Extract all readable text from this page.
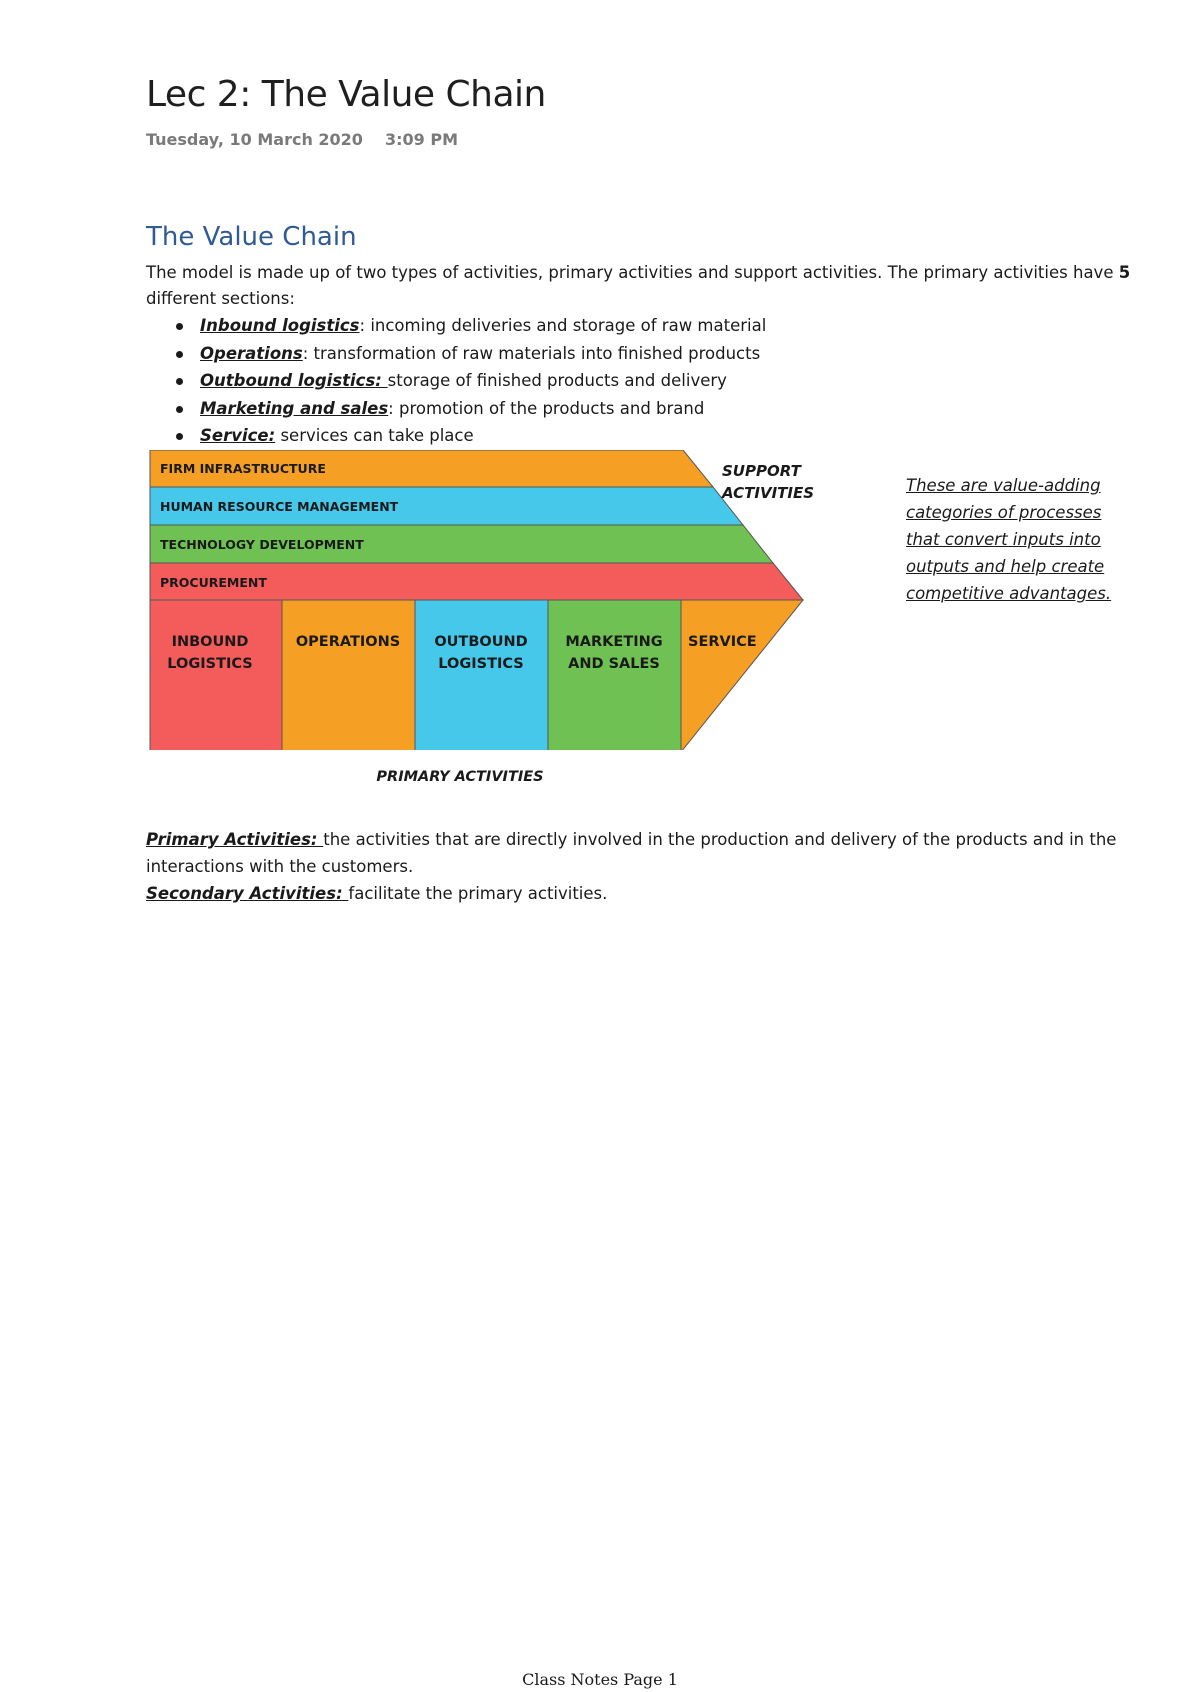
Lec 2: The Value Chain
Tuesday, 10 March 2020 3:09 PM
The Value Chain

The model is made up of two types of activities, primary activities and support activities. The primary activities have 5 different sections:

Inbound logistics: incoming deliveries and storage of raw material
Operations: transformation of raw materials into finished products
Outbound logistics: storage of finished products and delivery
Marketing and sales: promotion of the products and brand
Service: services can take place
FIRM INFRASTRUCTURE
HUMAN RESOURCE MANAGEMENT
TECHNOLOGY DEVELOPMENT
PROCUREMENT
INBOUND
LOGISTICS
OPERATIONS OUTBOUND
LOGISTICS
MARKETING
AND SALES
SERVICE
SUPPORT
ACTIVITIES
PRIMARY ACTIVITIES

These are value-adding categories of processes that convert inputs into outputs and help create competitive advantages.

Primary Activities: the activities that are directly involved in the production and delivery of the products and in the interactions with the customers.

Secondary Activities: facilitate the primary activities.

Class Notes Page 1
